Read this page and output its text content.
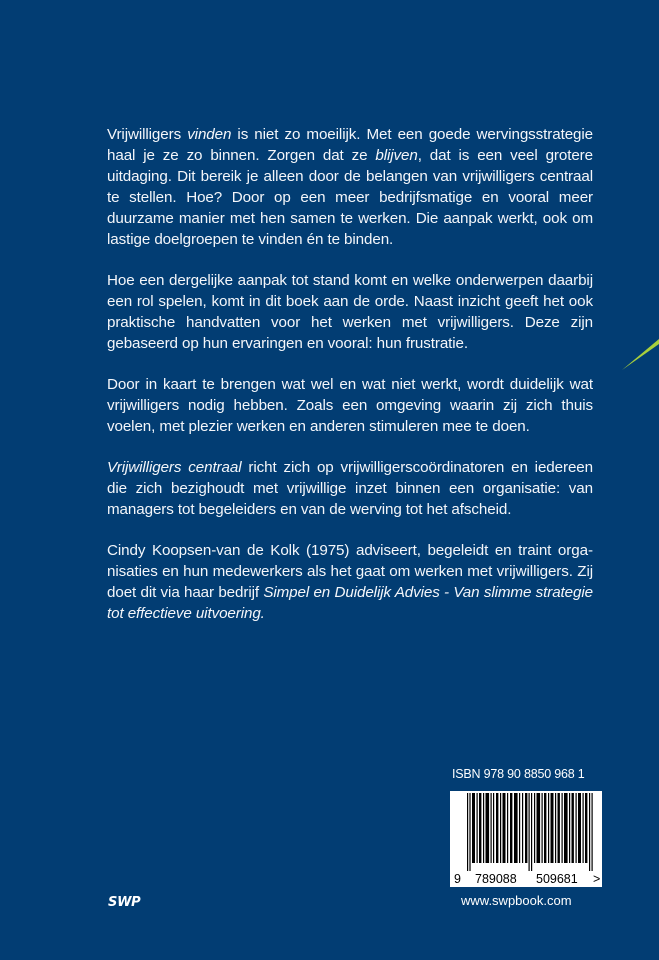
Vrijwilligers vinden is niet zo moeilijk. Met een goede wervingsstrategie haal je ze zo binnen. Zorgen dat ze blijven, dat is een veel grotere uitdaging. Dit bereik je alleen door de belangen van vrijwilligers centraal te stellen. Hoe? Door op een meer bedrijfsmatige en vooral meer duurzame manier met hen samen te werken. Die aanpak werkt, ook om lastige doelgroepen te vinden én te binden.

Hoe een dergelijke aanpak tot stand komt en welke onderwerpen daarbij een rol spelen, komt in dit boek aan de orde. Naast inzicht geeft het ook praktische handvatten voor het werken met vrijwilligers. Deze zijn gebaseerd op hun ervaringen en vooral: hun frustratie.

Door in kaart te brengen wat wel en wat niet werkt, wordt duidelijk wat vrijwilligers nodig hebben. Zoals een omgeving waarin zij zich thuis voelen, met plezier werken en anderen stimuleren mee te doen.

Vrijwilligers centraal richt zich op vrijwilligerscoördinatoren en iedereen die zich bezighoudt met vrijwillige inzet binnen een organisatie: van managers tot begeleiders en van de werving tot het afscheid.

Cindy Koopsen-van de Kolk (1975) adviseert, begeleidt en traint organisaties en hun medewerkers als het gaat om werken met vrijwilligers. Zij doet dit via haar bedrijf Simpel en Duidelijk Advies - Van slimme strategie tot effectieve uitvoering.

ISBN 978 90 8850 968 1
9 789088 509681 >
www.swpbook.com
SWP
